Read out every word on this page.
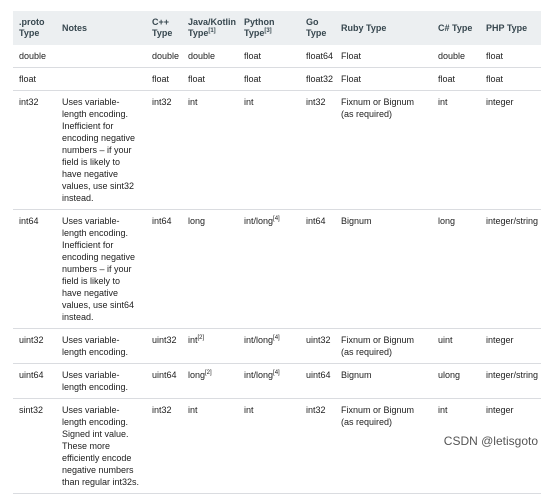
.proto Type	Notes	C++ Type	Java/Kotlin Type[1]	Python Type[3]	Go Type	Ruby Type	C# Type	PHP Type
double		double	double	float	float64	Float	double	float
float		float	float	float	float32	Float	float	float
int32	Uses variable-length encoding. Inefficient for encoding negative numbers – if your field is likely to have negative values, use sint32 instead.	int32	int	int	int32	Fixnum or Bignum (as required)	int	integer
int64	Uses variable-length encoding. Inefficient for encoding negative numbers – if your field is likely to have negative values, use sint64 instead.	int64	long	int/long[4]	int64	Bignum	long	integer/string
uint32	Uses variable-length encoding.	uint32	int[2]	int/long[4]	uint32	Fixnum or Bignum (as required)	uint	integer
uint64	Uses variable-length encoding.	uint64	long[2]	int/long[4]	uint64	Bignum	ulong	integer/string
sint32	Uses variable-length encoding. Signed int value. These more efficiently encode negative numbers than regular int32s.	int32	int	int	int32	Fixnum or Bignum (as required)	int	integer
CSDN @letisgoto
